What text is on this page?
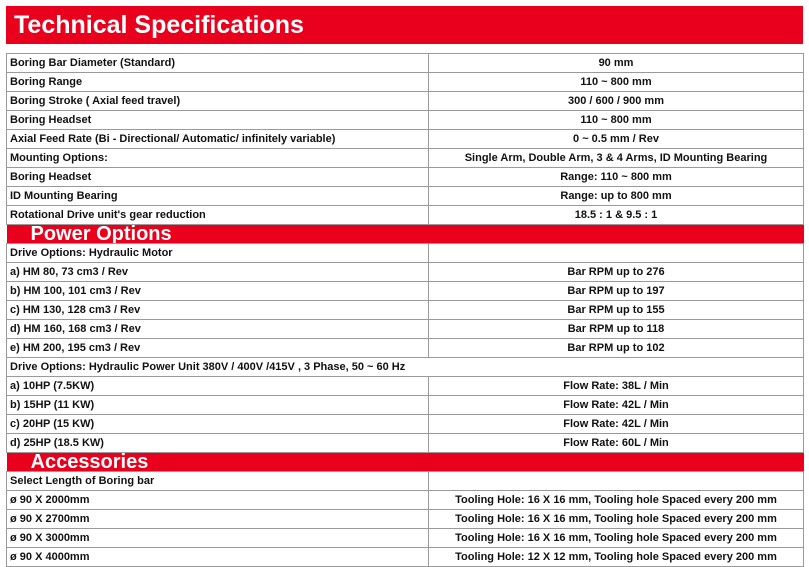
Technical Specifications
Boring Bar Diameter (Standard)	90 mm
Boring Range	110 ~ 800 mm
Boring Stroke ( Axial feed travel)	300 / 600 / 900 mm
Boring Headset	110 ~ 800 mm
Axial Feed Rate (Bi - Directional/ Automatic/ infinitely variable)	0 ~ 0.5 mm / Rev
Mounting Options:	Single Arm, Double Arm, 3 & 4 Arms, ID Mounting Bearing
Boring Headset	Range: 110 ~ 800 mm
ID Mounting Bearing	Range: up to 800 mm
Rotational Drive unit's gear reduction	18.5 : 1 & 9.5 : 1
Power Options	
Drive Options: Hydraulic Motor	
a) HM 80, 73 cm3 / Rev	Bar RPM up to 276
b) HM 100, 101 cm3 / Rev	Bar RPM up to 197
c) HM 130, 128 cm3 / Rev	Bar RPM up to 155
d) HM 160, 168 cm3 / Rev	Bar RPM up to 118
e) HM 200, 195 cm3 / Rev	Bar RPM up to 102
Drive Options: Hydraulic Power Unit 380V / 400V /415V , 3 Phase, 50 ~ 60 Hz	
a) 10HP (7.5KW)	Flow Rate: 38L / Min
b) 15HP (11 KW)	Flow Rate: 42L / Min
c) 20HP (15 KW)	Flow Rate: 42L / Min
d) 25HP (18.5 KW)	Flow Rate: 60L / Min
Accessories	
Select Length of Boring bar	
ø 90 X 2000mm	Tooling Hole: 16 X 16 mm, Tooling hole Spaced every 200 mm
ø 90 X 2700mm	Tooling Hole: 16 X 16 mm, Tooling hole Spaced every 200 mm
ø 90 X 3000mm	Tooling Hole: 16 X 16 mm, Tooling hole Spaced every 200 mm
ø 90 X 4000mm	Tooling Hole: 12 X 12 mm, Tooling hole Spaced every 200 mm
